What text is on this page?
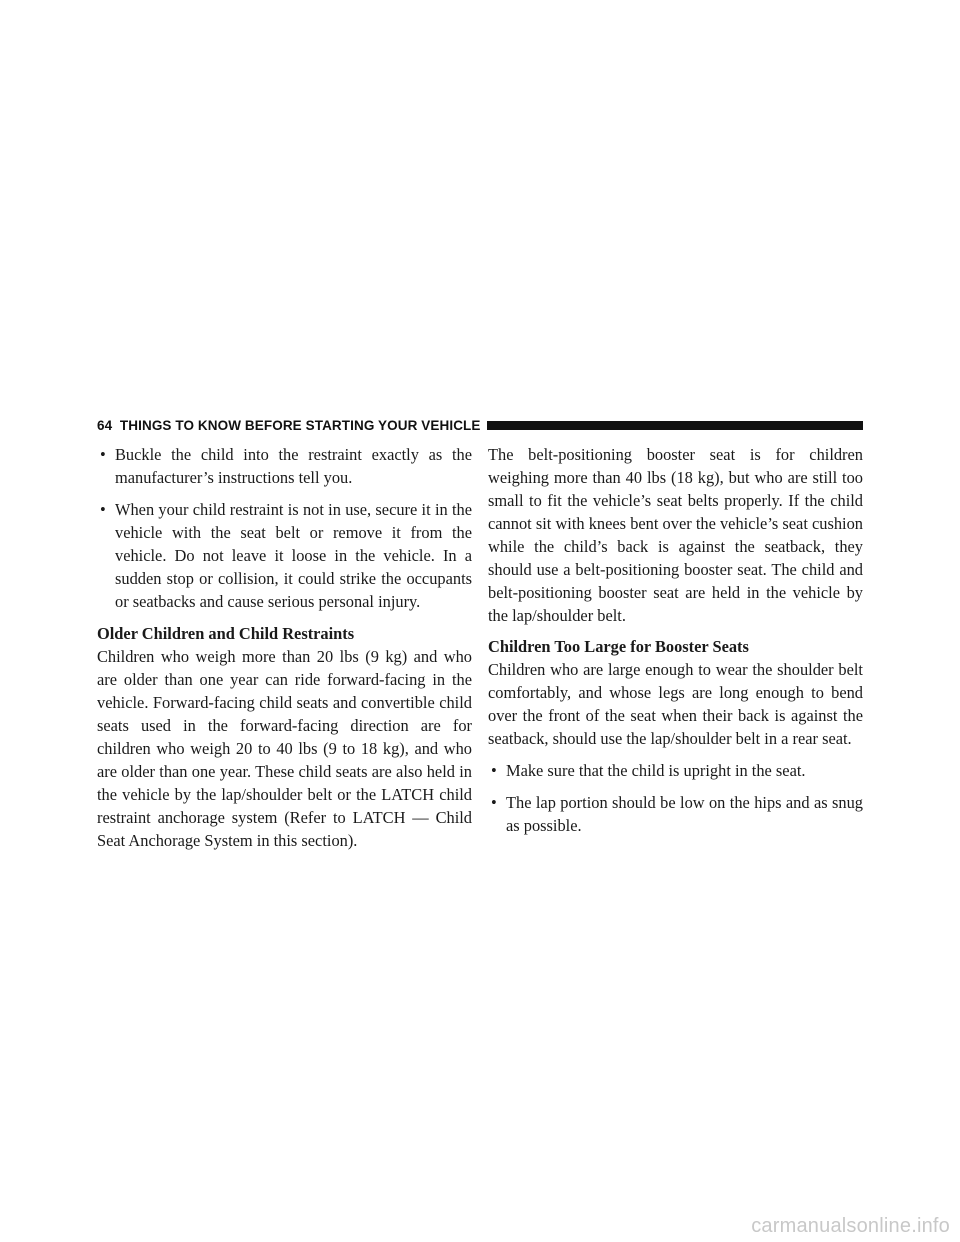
64 THINGS TO KNOW BEFORE STARTING YOUR VEHICLE
• Buckle the child into the restraint exactly as the manufacturer’s instructions tell you.
• When your child restraint is not in use, secure it in the vehicle with the seat belt or remove it from the vehicle. Do not leave it loose in the vehicle. In a sudden stop or collision, it could strike the occupants or seatbacks and cause serious personal injury.
Older Children and Child Restraints

Children who weigh more than 20 lbs (9 kg) and who are older than one year can ride forward-facing in the vehicle. Forward-facing child seats and convertible child seats used in the forward-facing direction are for children who weigh 20 to 40 lbs (9 to 18 kg), and who are older than one year. These child seats are also held in the vehicle by the lap/shoulder belt or the LATCH child restraint anchorage system (Refer to LATCH — Child Seat Anchorage System in this section).

The belt-positioning booster seat is for children weighing more than 40 lbs (18 kg), but who are still too small to fit the vehicle’s seat belts properly. If the child cannot sit with knees bent over the vehicle’s seat cushion while the child’s back is against the seatback, they should use a belt-positioning booster seat. The child and belt-positioning booster seat are held in the vehicle by the lap/shoulder belt.

Children Too Large for Booster Seats

Children who are large enough to wear the shoulder belt comfortably, and whose legs are long enough to bend over the front of the seat when their back is against the seatback, should use the lap/shoulder belt in a rear seat.

• Make sure that the child is upright in the seat.
• The lap portion should be low on the hips and as snug as possible.
carmanualsonline.info
